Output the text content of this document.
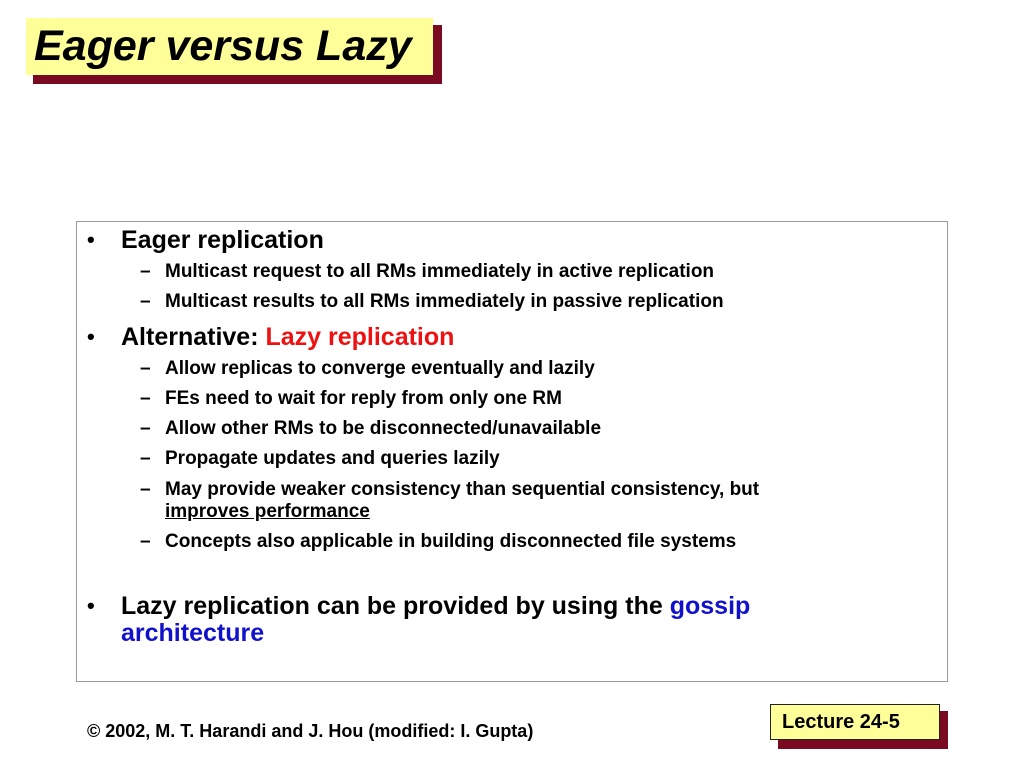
Eager versus Lazy
• Eager replication
– Multicast request to all RMs immediately in active replication
– Multicast results to all RMs immediately in passive replication
• Alternative: Lazy replication
– Allow replicas to converge eventually and lazily
– FEs need to wait for reply from only one RM
– Allow other RMs to be disconnected/unavailable
– Propagate updates and queries lazily
– May provide weaker consistency than sequential consistency, but
improves performance
– Concepts also applicable in building disconnected file systems
• Lazy replication can be provided by using the gossip
architecture
Lecture 24-5
© 2002, M. T. Harandi and J. Hou (modified: I. Gupta)
